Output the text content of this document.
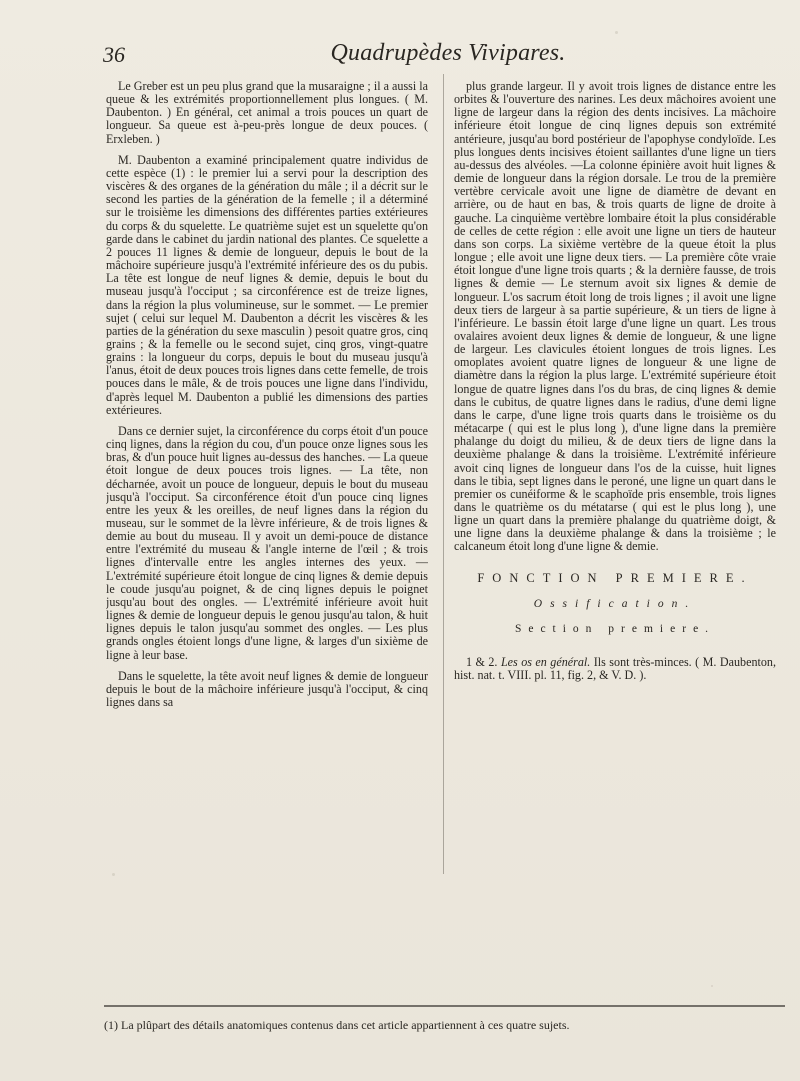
36	Quadrupèdes Vivipares.

Le Greber est un peu plus grand que la musaraigne ; il a aussi la queue & les extrémités proportionnellement plus longues. ( M. Daubenton. ) En général, cet animal a trois pouces un quart de longueur. Sa queue est à-peu-près longue de deux pouces. ( Erxleben. )

M. Daubenton a examiné principalement quatre individus de cette espèce (1) : le premier lui a servi pour la description des viscères & des organes de la génération du mâle ; il a décrit sur le second les parties de la génération de la femelle ; il a déterminé sur le troisième les dimensions des différentes parties extérieures du corps & du squelette. Le quatrième sujet est un squelette qu'on garde dans le cabinet du jardin national des plantes. Ce squelette a 2 pouces 11 lignes & demie de longueur, depuis le bout de la mâchoire supérieure jusqu'à l'extrémité inférieure des os du pubis. La tête est longue de neuf lignes & demie, depuis le bout du museau jusqu'à l'occiput ; sa circonférence est de treize lignes, dans la région la plus volumineuse, sur le sommet. — Le premier sujet ( celui sur lequel M. Daubenton a décrit les viscères & les parties de la génération du sexe masculin ) pesoit quatre gros, cinq grains ; & la femelle ou le second sujet, cinq gros, vingt-quatre grains : la longueur du corps, depuis le bout du museau jusqu'à l'anus, étoit de deux pouces trois lignes dans cette femelle, de trois pouces dans le mâle, & de trois pouces une ligne dans l'individu, d'après lequel M. Daubenton a publié les dimensions des parties extérieures.

Dans ce dernier sujet, la circonférence du corps étoit d'un pouce cinq lignes, dans la région du cou, d'un pouce onze lignes sous les bras, & d'un pouce huit lignes au-dessus des hanches. — La queue étoit longue de deux pouces trois lignes. — La tête, non décharnée, avoit un pouce de longueur, depuis le bout du museau jusqu'à l'occiput. Sa circonférence étoit d'un pouce cinq lignes entre les yeux & les oreilles, de neuf lignes dans la région du museau, sur le sommet de la lèvre inférieure, & de trois lignes & demie au bout du museau. Il y avoit un demi-pouce de distance entre l'extrémité du museau & l'angle interne de l'œil ; & trois lignes d'intervalle entre les angles internes des yeux. — L'extrémité supérieure étoit longue de cinq lignes & demie depuis le coude jusqu'au poignet, & de cinq lignes depuis le poignet jusqu'au bout des ongles. — L'extrémité inférieure avoit huit lignes & demie de longueur depuis le genou jusqu'au talon, & huit lignes depuis le talon jusqu'au sommet des ongles. — Les plus grands ongles étoient longs d'une ligne, & larges d'un sixième de ligne à leur base.

Dans le squelette, la tête avoit neuf lignes & demie de longueur depuis le bout de la mâchoire inférieure jusqu'à l'occiput, & cinq lignes dans sa

plus grande largeur. Il y avoit trois lignes de distance entre les orbites & l'ouverture des narines. Les deux mâchoires avoient une ligne de largeur dans la région des dents incisives. La mâchoire inférieure étoit longue de cinq lignes depuis son extrémité antérieure, jusqu'au bord postérieur de l'apophyse condyloïde. Les plus longues dents incisives étoient saillantes d'une ligne un tiers au-dessus des alvéoles. —La colonne épinière avoit huit lignes & demie de longueur dans la région dorsale. Le trou de la première vertèbre cervicale avoit une ligne de diamètre de devant en arrière, ou de haut en bas, & trois quarts de ligne de droite à gauche. La cinquième vertèbre lombaire étoit la plus considérable de celles de cette région : elle avoit une ligne un tiers de hauteur dans son corps. La sixième vertèbre de la queue étoit la plus longue ; elle avoit une ligne deux tiers. — La première côte vraie étoit longue d'une ligne trois quarts ; & la dernière fausse, de trois lignes & demie — Le sternum avoit six lignes & demie de longueur. L'os sacrum étoit long de trois lignes ; il avoit une ligne deux tiers de largeur à sa partie supérieure, & un tiers de ligne à l'inférieure. Le bassin étoit large d'une ligne un quart. Les trous ovalaires avoient deux lignes & demie de longueur, & une ligne de largeur. Les clavicules étoient longues de trois lignes. Les omoplates avoient quatre lignes de longueur & une ligne de diamètre dans la région la plus large. L'extrémité supérieure étoit longue de quatre lignes dans l'os du bras, de cinq lignes & demie dans le cubitus, de quatre lignes dans le radius, d'une demi ligne dans le carpe, d'une ligne trois quarts dans le troisième os du métacarpe ( qui est le plus long ), d'une ligne dans la première phalange du doigt du milieu, & de deux tiers de ligne dans la deuxième phalange & dans la troisième. L'extrémité inférieure avoit cinq lignes de longueur dans l'os de la cuisse, huit lignes dans le tibia, sept lignes dans le peroné, une ligne un quart dans le premier os cunéiforme & le scaphoïde pris ensemble, trois lignes dans le quatrième os du métatarse ( qui est le plus long ), une ligne un quart dans la première phalange du quatrième doigt, & une ligne dans la deuxième phalange & dans la troisième ; le calcaneum étoit long d'une ligne & demie.

FONCTION PREMIERE.
Ossification.
Section premiere.

1 & 2. Les os en général. Ils sont très-minces. ( M. Daubenton, hist. nat. t. VIII. pl. 11, fig. 2, & V. D. ).

(1) La plûpart des détails anatomiques contenus dans cet article appartiennent à ces quatre sujets.
